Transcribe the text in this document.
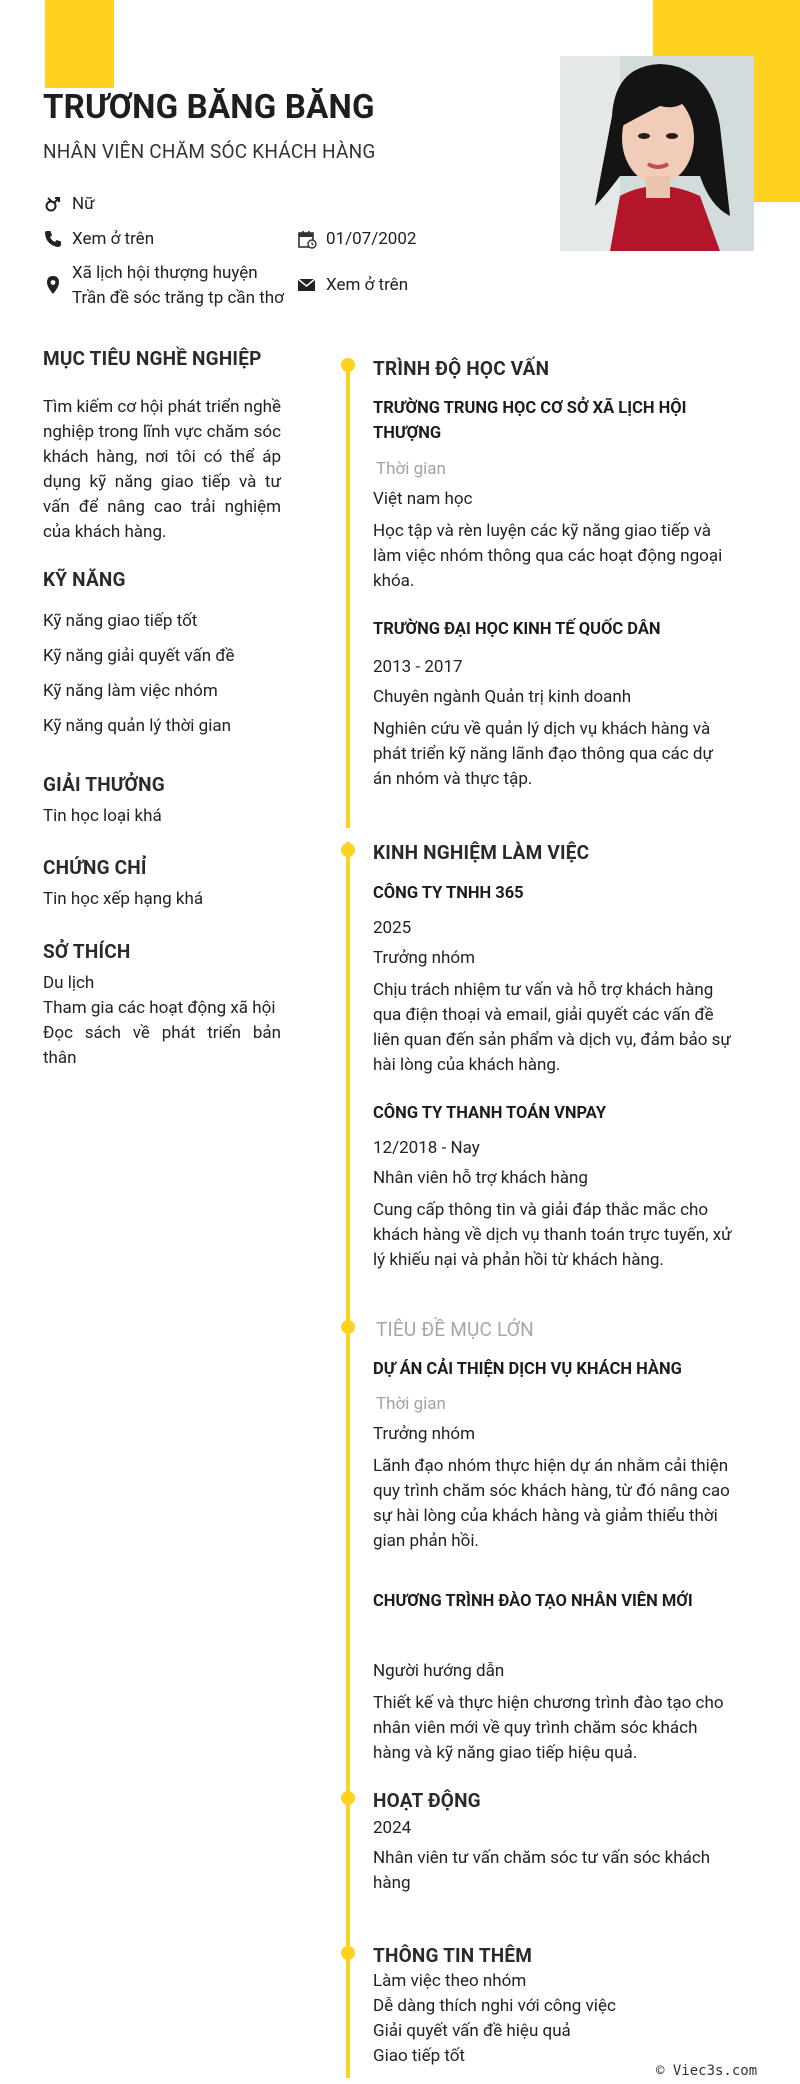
TRƯƠNG BĂNG BĂNG
NHÂN VIÊN CHĂM SÓC KHÁCH HÀNG
Nữ
Xem ở trên	01/07/2002
Xã lịch hội thượng huyện
Trần đề sóc trăng tp cần thơ
Xem ở trên
MỤC TIÊU NGHỀ NGHIỆP
Tìm kiếm cơ hội phát triển nghề nghiệp trong lĩnh vực chăm sóc khách hàng, nơi tôi có thể áp dụng kỹ năng giao tiếp và tư vấn để nâng cao trải nghiệm của khách hàng.
KỸ NĂNG
Kỹ năng giao tiếp tốt
Kỹ năng giải quyết vấn đề
Kỹ năng làm việc nhóm
Kỹ năng quản lý thời gian
GIẢI THƯỞNG
Tin học loại khá
CHỨNG CHỈ
Tin học xếp hạng khá
SỞ THÍCH
Du lịch
Tham gia các hoạt động xã hội
Đọc sách về phát triển bản thân
TRÌNH ĐỘ HỌC VẤN
TRƯỜNG TRUNG HỌC CƠ SỞ XÃ LỊCH HỘI THƯỢNG
Thời gian
Việt nam học
Học tập và rèn luyện các kỹ năng giao tiếp và làm việc nhóm thông qua các hoạt động ngoại khóa.
TRƯỜNG ĐẠI HỌC KINH TẾ QUỐC DÂN
2013 - 2017
Chuyên ngành Quản trị kinh doanh
Nghiên cứu về quản lý dịch vụ khách hàng và phát triển kỹ năng lãnh đạo thông qua các dự án nhóm và thực tập.
KINH NGHIỆM LÀM VIỆC
CÔNG TY TNHH 365
2025
Trưởng nhóm
Chịu trách nhiệm tư vấn và hỗ trợ khách hàng qua điện thoại và email, giải quyết các vấn đề liên quan đến sản phẩm và dịch vụ, đảm bảo sự hài lòng của khách hàng.
CÔNG TY THANH TOÁN VNPAY
12/2018 - Nay
Nhân viên hỗ trợ khách hàng
Cung cấp thông tin và giải đáp thắc mắc cho khách hàng về dịch vụ thanh toán trực tuyến, xử lý khiếu nại và phản hồi từ khách hàng.
TIÊU ĐỀ MỤC LỚN
DỰ ÁN CẢI THIỆN DỊCH VỤ KHÁCH HÀNG
Thời gian
Trưởng nhóm
Lãnh đạo nhóm thực hiện dự án nhằm cải thiện quy trình chăm sóc khách hàng, từ đó nâng cao sự hài lòng của khách hàng và giảm thiểu thời gian phản hồi.
CHƯƠNG TRÌNH ĐÀO TẠO NHÂN VIÊN MỚI
Người hướng dẫn
Thiết kế và thực hiện chương trình đào tạo cho nhân viên mới về quy trình chăm sóc khách hàng và kỹ năng giao tiếp hiệu quả.
HOẠT ĐỘNG
2024
Nhân viên tư vấn chăm sóc tư vấn sóc khách hàng
THÔNG TIN THÊM
Làm việc theo nhóm
Dễ dàng thích nghi với công việc
Giải quyết vấn đề hiệu quả
Giao tiếp tốt
© Viec3s.com
